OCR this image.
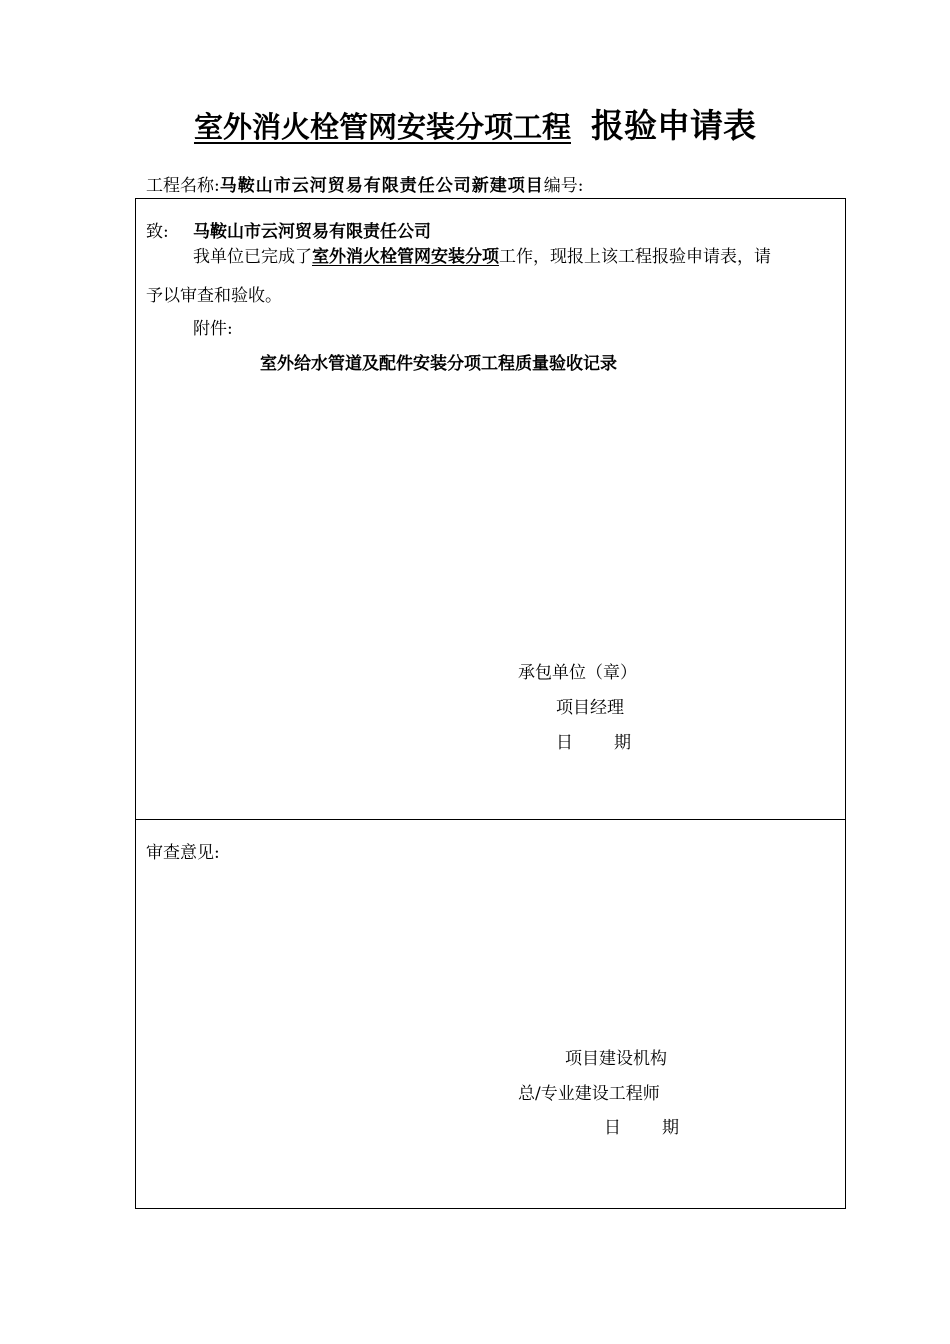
室外消火栓管网安装分项工程 报验申请表
工程名称:马鞍山市云河贸易有限责任公司新建项目编号:
致: 马鞍山市云河贸易有限责任公司
我单位已完成了室外消火栓管网安装分项工作，现报上该工程报验申请表，请
予以审查和验收。
附件:
室外给水管道及配件安装分项工程质量验收记录
承包单位（章）
项目经理
日 期
审查意见:
项目建设机构
总/专业建设工程师
日 期
